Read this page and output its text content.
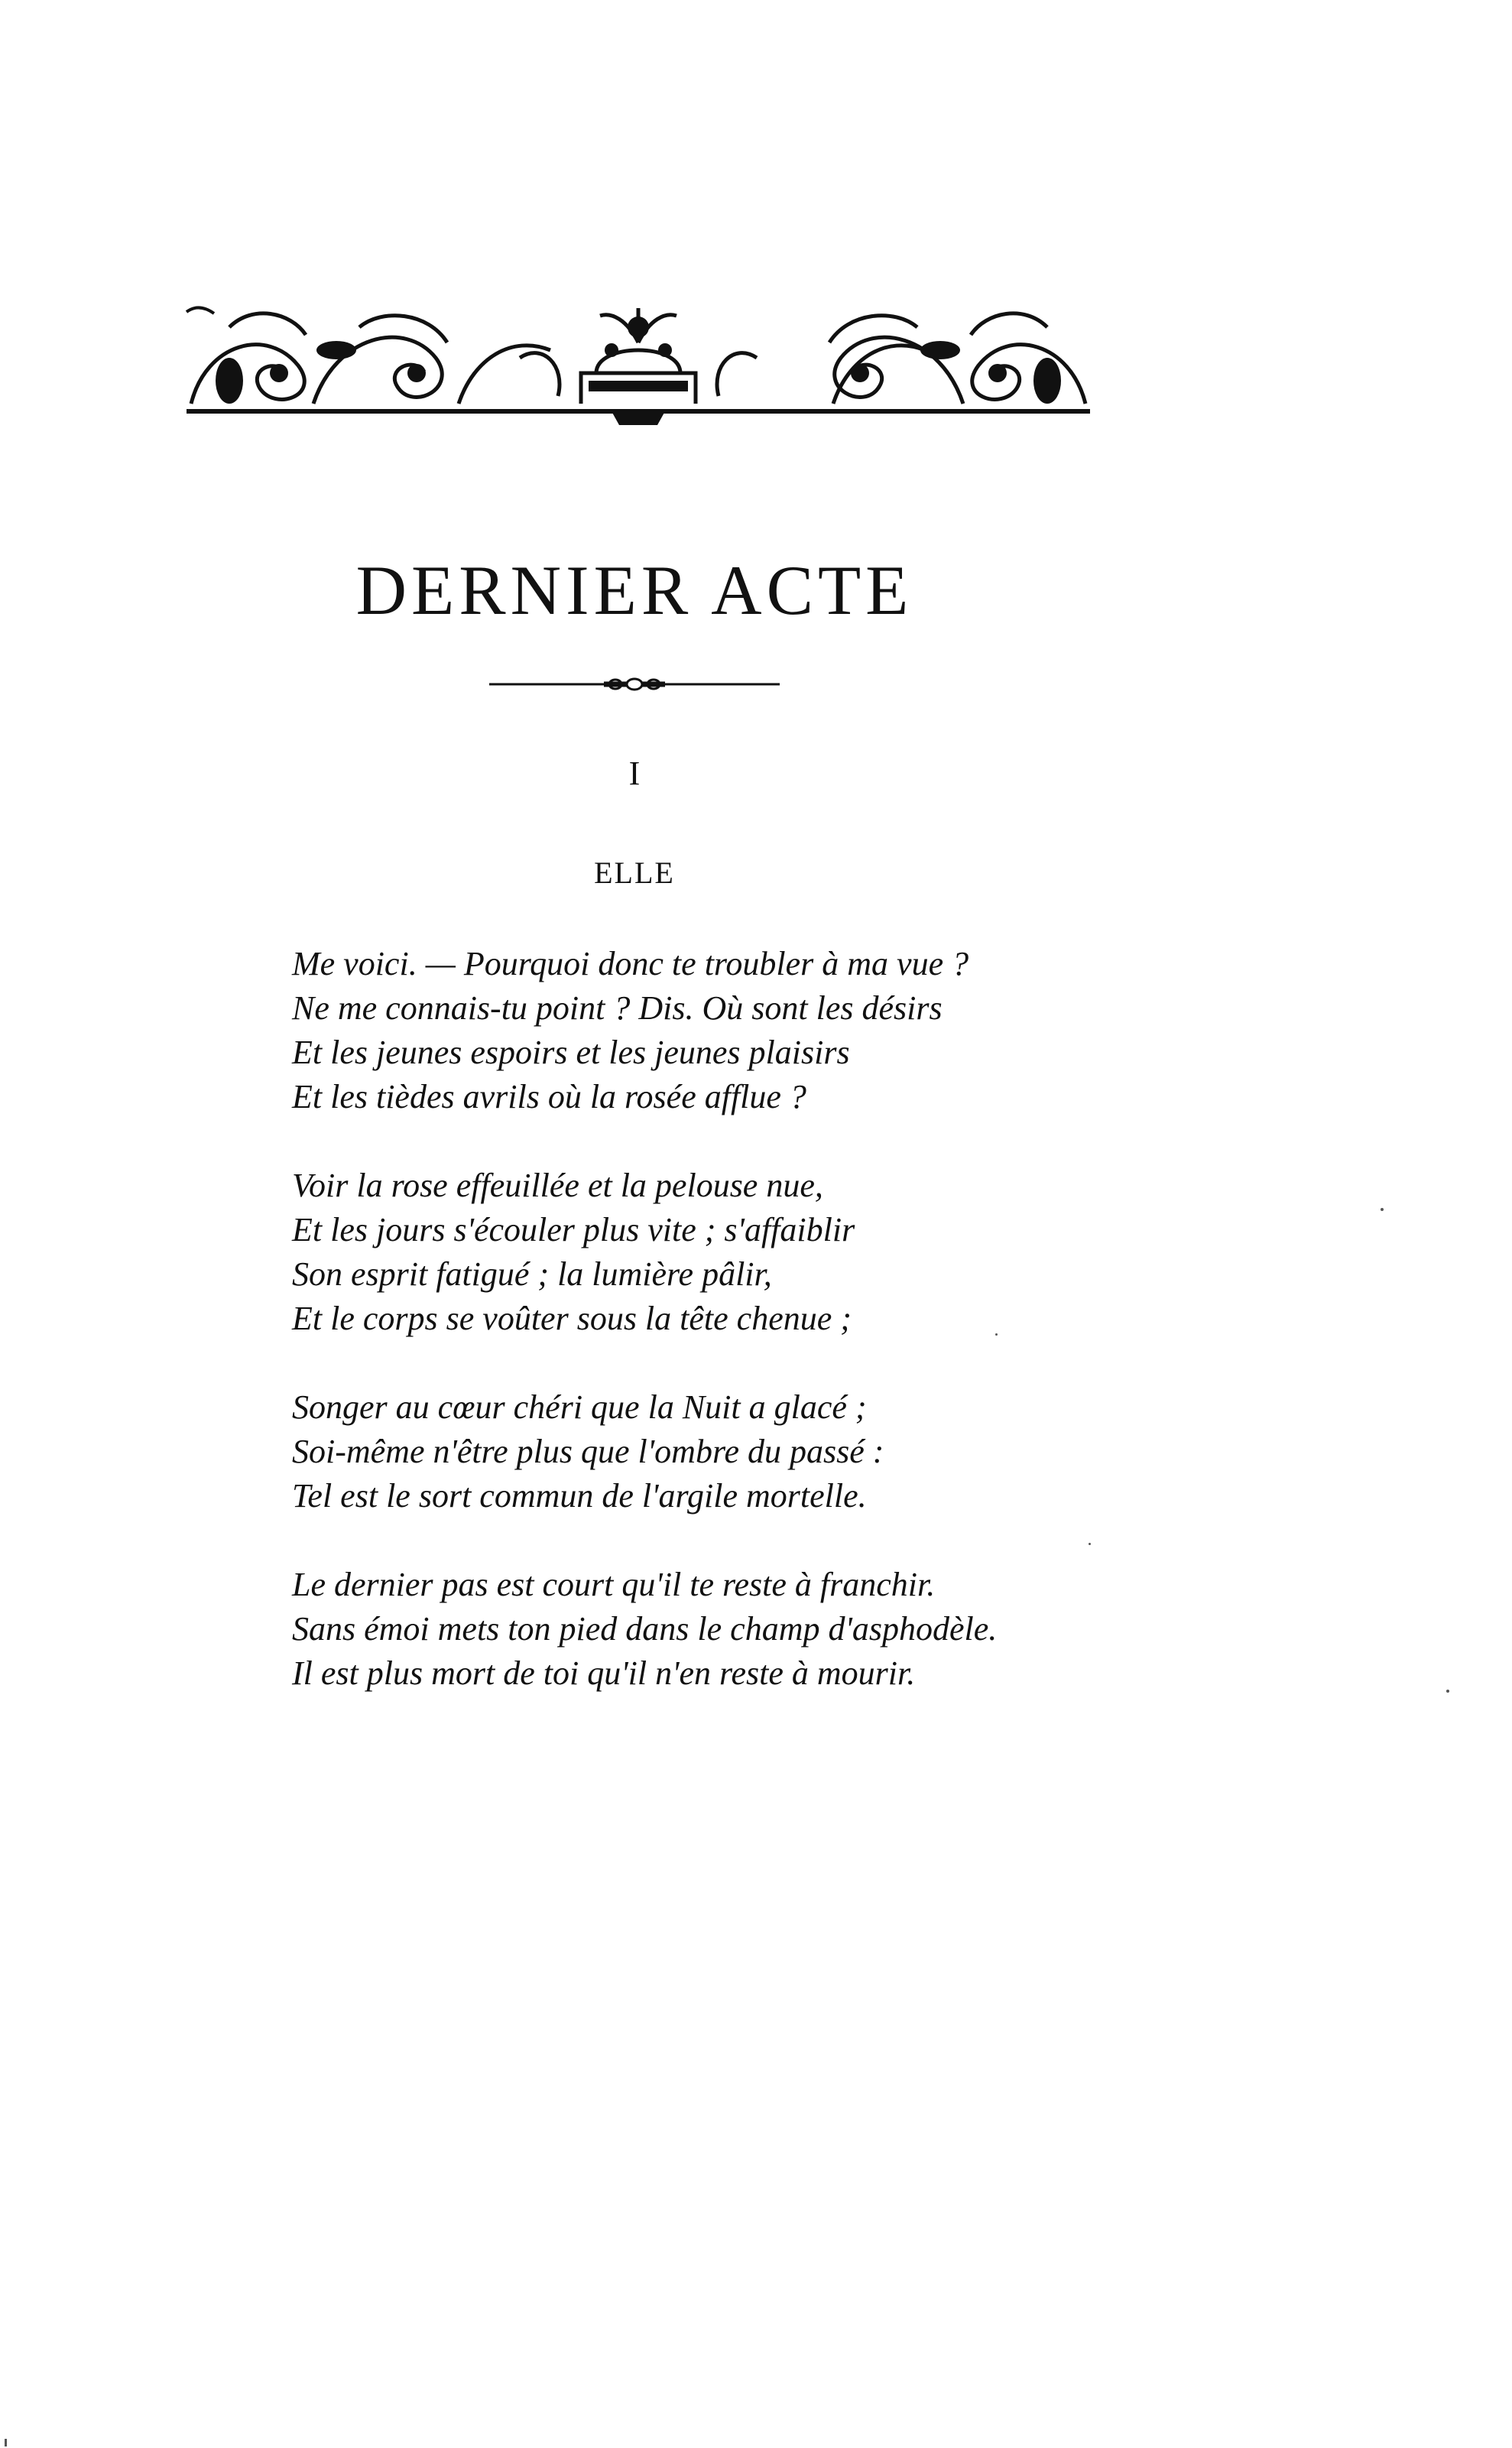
DERNIER ACTE
I
ELLE
Me voici. — Pourquoi donc te troubler à ma vue ?
Ne me connais-tu point ? Dis. Où sont les désirs
Et les jeunes espoirs et les jeunes plaisirs
Et les tièdes avrils où la rosée afflue ?
Voir la rose effeuillée et la pelouse nue,
Et les jours s'écouler plus vite ; s'affaiblir
Son esprit fatigué ; la lumière pâlir,
Et le corps se voûter sous la tête chenue ;
Songer au cœur chéri que la Nuit a glacé ;
Soi-même n'être plus que l'ombre du passé :
Tel est le sort commun de l'argile mortelle.
Le dernier pas est court qu'il te reste à franchir.
Sans émoi mets ton pied dans le champ d'asphodèle.
Il est plus mort de toi qu'il n'en reste à mourir.
